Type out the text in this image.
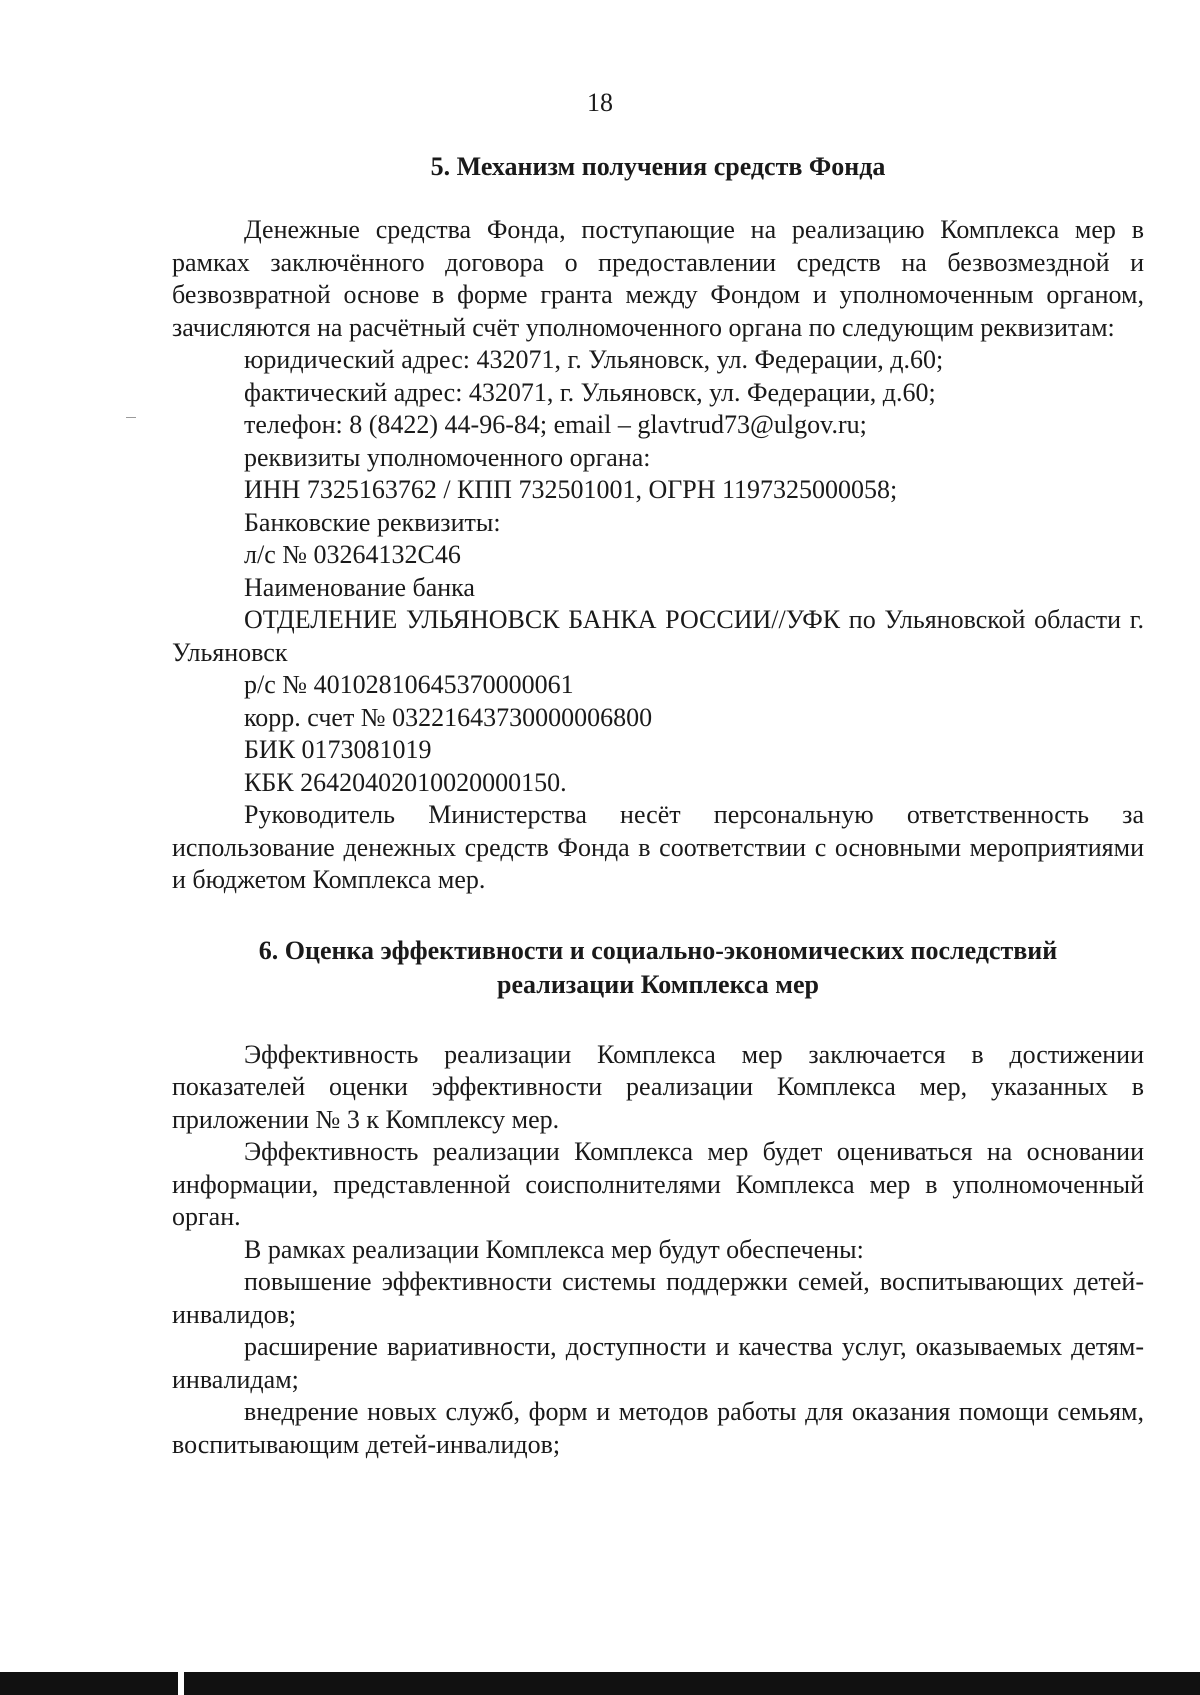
18
5. Механизм получения средств Фонда

Денежные средства Фонда, поступающие на реализацию Комплекса мер в рамках заключённого договора о предоставлении средств на безвозмездной и безвозвратной основе в форме гранта между Фондом и уполномоченным органом, зачисляются на расчётный счёт уполномоченного органа по следующим реквизитам:

юридический адрес: 432071, г. Ульяновск, ул. Федерации, д.60;

фактический адрес: 432071, г. Ульяновск, ул. Федерации, д.60;

телефон: 8 (8422) 44-96-84; email – glavtrud73@ulgov.ru;

реквизиты уполномоченного органа:

ИНН 7325163762 / КПП 732501001, ОГРН 1197325000058;

Банковские реквизиты:

л/с № 03264132С46

Наименование банка

ОТДЕЛЕНИЕ УЛЬЯНОВСК БАНКА РОССИИ//УФК по Ульяновской области г. Ульяновск

р/с № 40102810645370000061

корр. счет № 03221643730000006800

БИК 0173081019

КБК 26420402010020000150.

Руководитель Министерства несёт персональную ответственность за использование денежных средств Фонда в соответствии с основными мероприятиями и бюджетом Комплекса мер.

6. Оценка эффективности и социально-экономических последствий
реализации Комплекса мер

Эффективность реализации Комплекса мер заключается в достижении показателей оценки эффективности реализации Комплекса мер, указанных в приложении № 3 к Комплексу мер.

Эффективность реализации Комплекса мер будет оцениваться на основании информации, представленной соисполнителями Комплекса мер в уполномоченный орган.

В рамках реализации Комплекса мер будут обеспечены:

повышение эффективности системы поддержки семей, воспитывающих детей-инвалидов;

расширение вариативности, доступности и качества услуг, оказываемых детям-инвалидам;

внедрение новых служб, форм и методов работы для оказания помощи семьям, воспитывающим детей-инвалидов;
